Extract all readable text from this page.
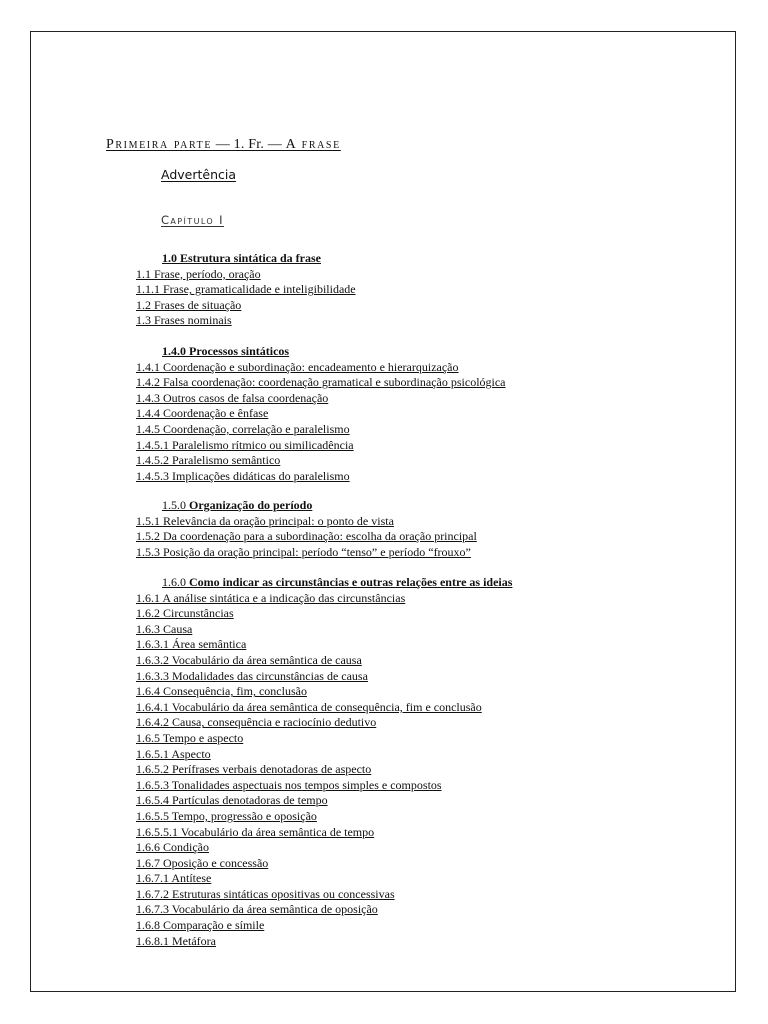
Primeira parte — 1. Fr. — A frase
Advertência
Capítulo I
1.0 Estrutura sintática da frase
1.1 Frase, período, oração
1.1.1 Frase, gramaticalidade e inteligibilidade
1.2 Frases de situação
1.3 Frases nominais
1.4.0 Processos sintáticos
1.4.1 Coordenação e subordinação: encadeamento e hierarquização
1.4.2 Falsa coordenação: coordenação gramatical e subordinação psicológica
1.4.3 Outros casos de falsa coordenação
1.4.4 Coordenação e ênfase
1.4.5 Coordenação, correlação e paralelismo
1.4.5.1 Paralelismo rítmico ou similicadência
1.4.5.2 Paralelismo semântico
1.4.5.3 Implicações didáticas do paralelismo
1.5.0 Organização do período
1.5.1 Relevância da oração principal: o ponto de vista
1.5.2 Da coordenação para a subordinação: escolha da oração principal
1.5.3 Posição da oração principal: período “tenso” e período “frouxo”
1.6.0 Como indicar as circunstâncias e outras relações entre as ideias
1.6.1 A análise sintática e a indicação das circunstâncias
1.6.2 Circunstâncias
1.6.3 Causa
1.6.3.1 Área semântica
1.6.3.2 Vocabulário da área semântica de causa
1.6.3.3 Modalidades das circunstâncias de causa
1.6.4 Consequência, fim, conclusão
1.6.4.1 Vocabulário da área semântica de consequência, fim e conclusão
1.6.4.2 Causa, consequência e raciocínio dedutivo
1.6.5 Tempo e aspecto
1.6.5.1 Aspecto
1.6.5.2 Perífrases verbais denotadoras de aspecto
1.6.5.3 Tonalidades aspectuais nos tempos simples e compostos
1.6.5.4 Partículas denotadoras de tempo
1.6.5.5 Tempo, progressão e oposição
1.6.5.5.1 Vocabulário da área semântica de tempo
1.6.6 Condição
1.6.7 Oposição e concessão
1.6.7.1 Antítese
1.6.7.2 Estruturas sintáticas opositivas ou concessivas
1.6.7.3 Vocabulário da área semântica de oposição
1.6.8 Comparação e símile
1.6.8.1 Metáfora
